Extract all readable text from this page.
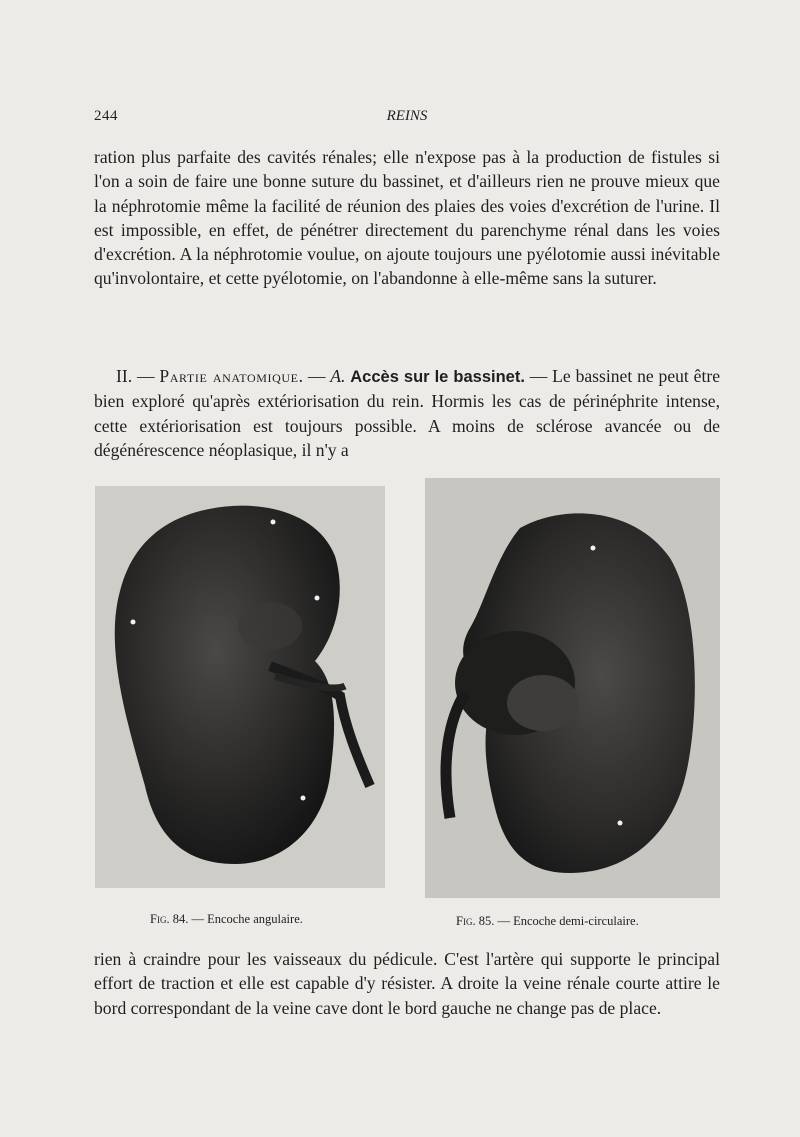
244	REINS

ration plus parfaite des cavités rénales; elle n'expose pas à la production de fistules si l'on a soin de faire une bonne suture du bassinet, et d'ailleurs rien ne prouve mieux que la néphrotomie même la facilité de réunion des plaies des voies d'excrétion de l'urine. Il est impossible, en effet, de pénétrer directement du parenchyme rénal dans les voies d'excrétion. A la néphrotomie voulue, on ajoute toujours une pyélotomie aussi inévitable qu'involontaire, et cette pyélotomie, on l'abandonne à elle-même sans la suturer.

II. — Partie anatomique. — A. Accès sur le bassinet. — Le bassinet ne peut être bien exploré qu'après extériorisation du rein. Hormis les cas de périnéphrite intense, cette extériorisation est toujours possible. A moins de sclérose avancée ou de dégénérescence néoplasique, il n'y a

Fig. 84. — Encoche angulaire.	Fig. 85. — Encoche demi-circulaire.

rien à craindre pour les vaisseaux du pédicule. C'est l'artère qui supporte le principal effort de traction et elle est capable d'y résister. A droite la veine rénale courte attire le bord correspondant de la veine cave dont le bord gauche ne change pas de place.
